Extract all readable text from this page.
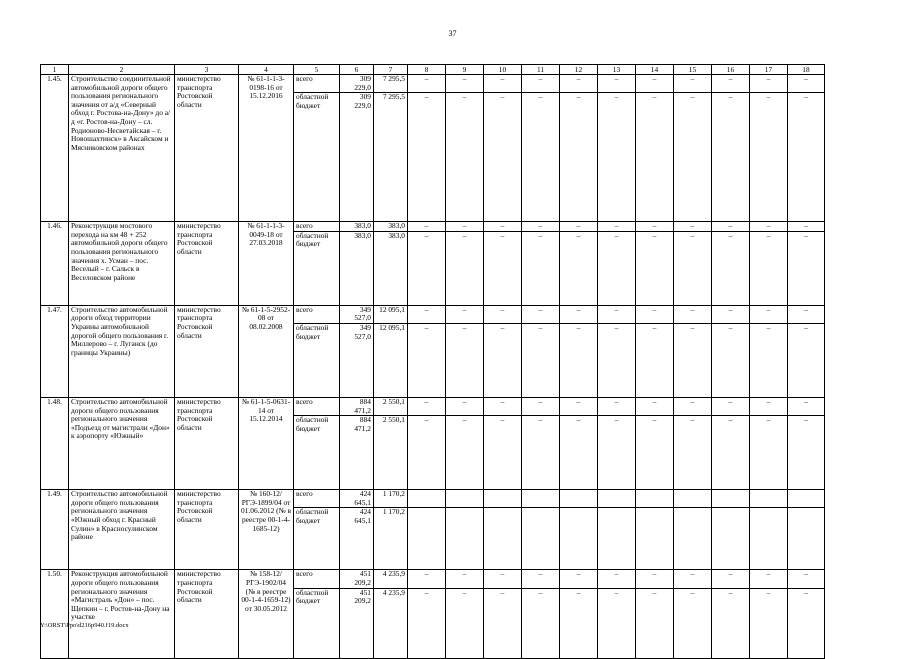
37
1	2	3	4	5	6	7	8	9	10	11	12	13	14	15	16	17	18
1.45.	Строительство соединительной автомобильной дороги общего пользования регионального значения от а/д «Северный обход г. Ростова-на-Дону» до а/д «г. Ростов-на-Дону – сл. Родионово-Несветайская – г. Новошахтинск» в Аксайском и Мясниковском районах	министерство транспорта Ростовской области	№ 61-1-1-3-0198-16 от 15.12.2016	всего	309 229,0	7 295,5	–	–	–	–	–	–	–	–	–	–	–
				областной бюджет	309 229,0	7 295,5	–	–	–	–	–	–	–	–	–	–	–
1.46.	Реконструкция мостового перехода на км 48 + 252 автомобильной дороги общего пользования регионального значения х. Усман – пос. Веселый – г. Сальск в Веселовском районе	министерство транспорта Ростовской области	№ 61-1-1-3-0049-18 от 27.03.2018	всего	383,0	383,0	–	–	–	–	–	–	–	–	–	–	–
				областной бюджет	383,0	383,0	–	–	–	–	–	–	–	–	–	–	–
1.47.	Строительство автомобильной дороги обход территории Украины автомобильной дорогой общего пользования г. Миллерово – г. Луганск (до границы Украины)	министерство транспорта Ростовской области	№ 61-1-5-2952-08 от 08.02.2008	всего	349 527,0	12 095,1	–	–	–	–	–	–	–	–	–	–	–
				областной бюджет	349 527,0	12 095,1	–	–	–	–	–	–	–	–	–	–	–
1.48.	Строительство автомобильной дороги общего пользования регионального значения «Подъезд от магистрали «Дон» к аэропорту «Южный»	министерство транспорта Ростовской области	№ 61-1-5-0631-14 от 15.12.2014	всего	884 471,2	2 550,1	–	–	–	–	–	–	–	–	–	–	–
				областной бюджет	884 471,2	2 550,1	–	–	–	–	–	–	–	–	–	–	–
1.49.	Строительство автомобильной дороги общего пользования регионального значения «Южный обход г. Красный Сулин» в Красносулинском районе	министерство транспорта Ростовской области	№ 160-12/РГЭ-1899/04 от 01.06.2012 (№ в реестре 00-1-4-1685-12)	всего	424 645,1	1 170,2											
				областной бюджет	424 645,1	1 170,2											
1.50.	Реконструкция автомобильной дороги общего пользования регионального значения «Магистраль «Дон» – пос. Щепкин – г. Ростов-на-Дону на участке	министерство транспорта Ростовской области	№ 158-12/РГЭ-1902/04 (№ в реестре 00-1-4-1659-12) от 30.05.2012	всего	451 209,2	4 235,9	–	–	–	–	–	–	–	–	–	–	–
				областной бюджет	451 209,2	4 235,9	–	–	–	–	–	–	–	–	–	–	–
Y:\ORST\Ppo\d216p940.f19.docx
